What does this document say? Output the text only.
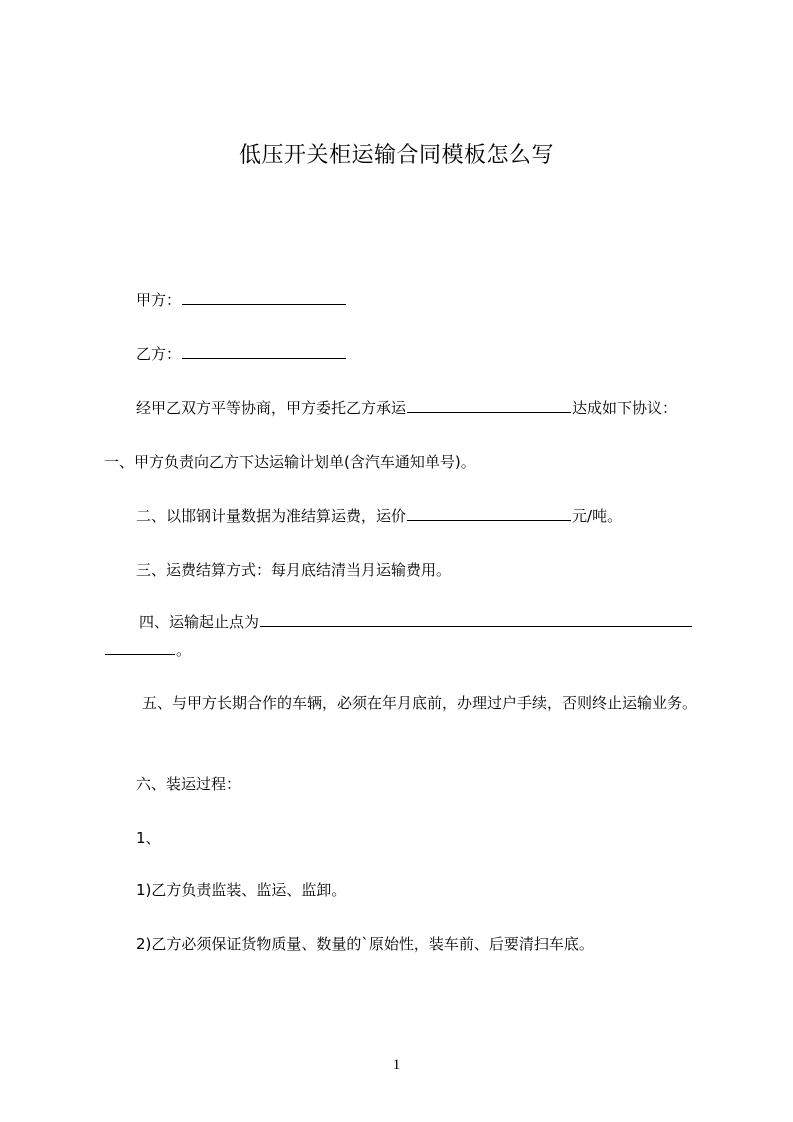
低压开关柜运输合同模板怎么写
甲方：
乙方：
经甲乙双方平等协商，甲方委托乙方承运	达成如下协议：
一、甲方负责向乙方下达运输计划单(含汽车通知单号)。
二、以邯钢计量数据为准结算运费，运价	元/吨。
三、运费结算方式：每月底结清当月运输费用。
四、运输起止点为
。
五、与甲方长期合作的车辆，必须在年月底前，办理过户手续，否则终止运输业务。
六、装运过程：
1、
1)乙方负责监装、监运、监卸。
2)乙方必须保证货物质量、数量的`原始性，装车前、后要清扫车底。
1
